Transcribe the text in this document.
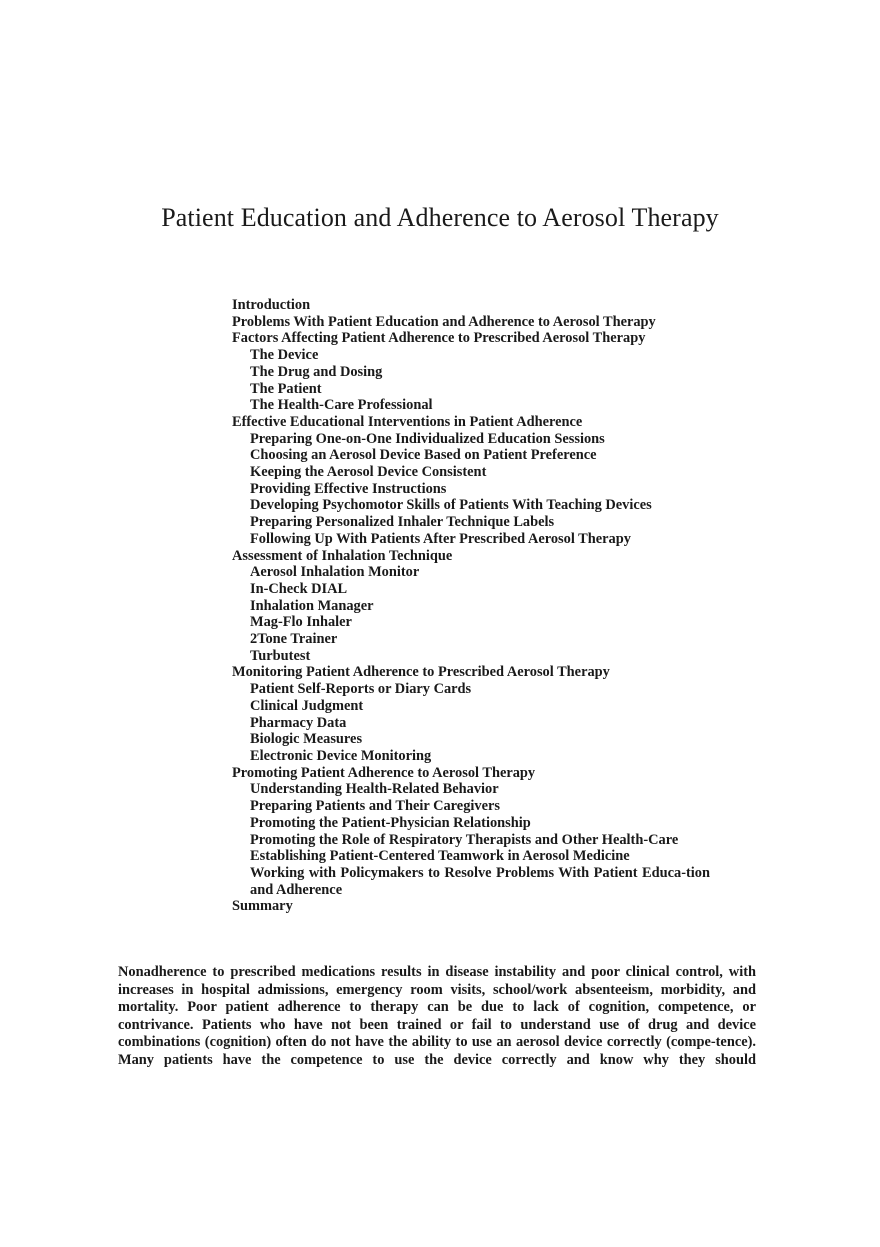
Patient Education and Adherence to Aerosol Therapy
Introduction
Problems With Patient Education and Adherence to Aerosol Therapy
Factors Affecting Patient Adherence to Prescribed Aerosol Therapy
The Device
The Drug and Dosing
The Patient
The Health-Care Professional
Effective Educational Interventions in Patient Adherence
Preparing One-on-One Individualized Education Sessions
Choosing an Aerosol Device Based on Patient Preference
Keeping the Aerosol Device Consistent
Providing Effective Instructions
Developing Psychomotor Skills of Patients With Teaching Devices
Preparing Personalized Inhaler Technique Labels
Following Up With Patients After Prescribed Aerosol Therapy
Assessment of Inhalation Technique
Aerosol Inhalation Monitor
In-Check DIAL
Inhalation Manager
Mag-Flo Inhaler
2Tone Trainer
Turbutest
Monitoring Patient Adherence to Prescribed Aerosol Therapy
Patient Self-Reports or Diary Cards
Clinical Judgment
Pharmacy Data
Biologic Measures
Electronic Device Monitoring
Promoting Patient Adherence to Aerosol Therapy
Understanding Health-Related Behavior
Preparing Patients and Their Caregivers
Promoting the Patient-Physician Relationship
Promoting the Role of Respiratory Therapists and Other Health-Care
Establishing Patient-Centered Teamwork in Aerosol Medicine
Working with Policymakers to Resolve Problems With Patient Educa-tion and Adherence
Summary

Nonadherence to prescribed medications results in disease instability and poor clinical control, with increases in hospital admissions, emergency room visits, school/work absenteeism, morbidity, and mortality. Poor patient adherence to therapy can be due to lack of cognition, competence, or contrivance. Patients who have not been trained or fail to understand use of drug and device combinations (cognition) often do not have the ability to use an aerosol device correctly (compe-tence). Many patients have the competence to use the device correctly and know why they should
